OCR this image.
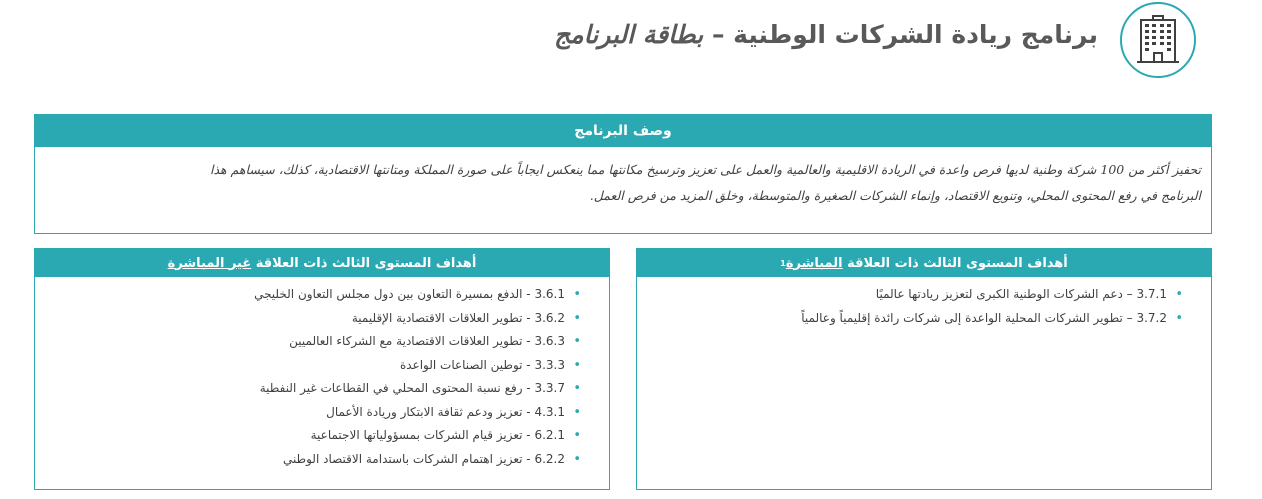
برنامج ريادة الشركات الوطنية – بطاقة البرنامج
وصف البرنامج
تحفيز أكثر من 100 شركة وطنية لديها فرص واعدة في الريادة الاقليمية والعالمية والعمل على تعزيز وترسيخ مكانتها مما ينعكس ايجاباً على صورة المملكة ومتانتها الاقتصادية، كذلك، سيساهم هذا
البرنامج في رفع المحتوى المحلي، وتنويع الاقتصاد، وإنماء الشركات الصغيرة والمتوسطة، وخلق المزيد من فرص العمل.
أهداف المستوى الثالث ذات العلاقة

غير المباشرة
• 3.6.1 - الدفع بمسيرة التعاون بين دول مجلس التعاون الخليجي
• 3.6.2 - تطوير العلاقات الاقتصادية الإقليمية
• 3.6.3 - تطوير العلاقات الاقتصادية مع الشركاء العالميين
• 3.3.3 - توطين الصناعات الواعدة
• 3.3.7 - رفع نسبة المحتوى المحلي في القطاعات غير النفطية
• 4.3.1 - تعزيز ودعم ثقافة الابتكار وريادة الأعمال
• 6.2.1 - تعزيز قيام الشركات بمسؤولياتها الاجتماعية
• 6.2.2 - تعزيز اهتمام الشركات باستدامة الاقتصاد الوطني
أهداف المستوى الثالث ذات العلاقة

المباشرة
1
• 3.7.1 – دعم الشركات الوطنية الكبرى لتعزيز ريادتها عالميًا
• 3.7.2 – تطوير الشركات المحلية الواعدة إلى شركات رائدة إقليمياً وعالمياً
